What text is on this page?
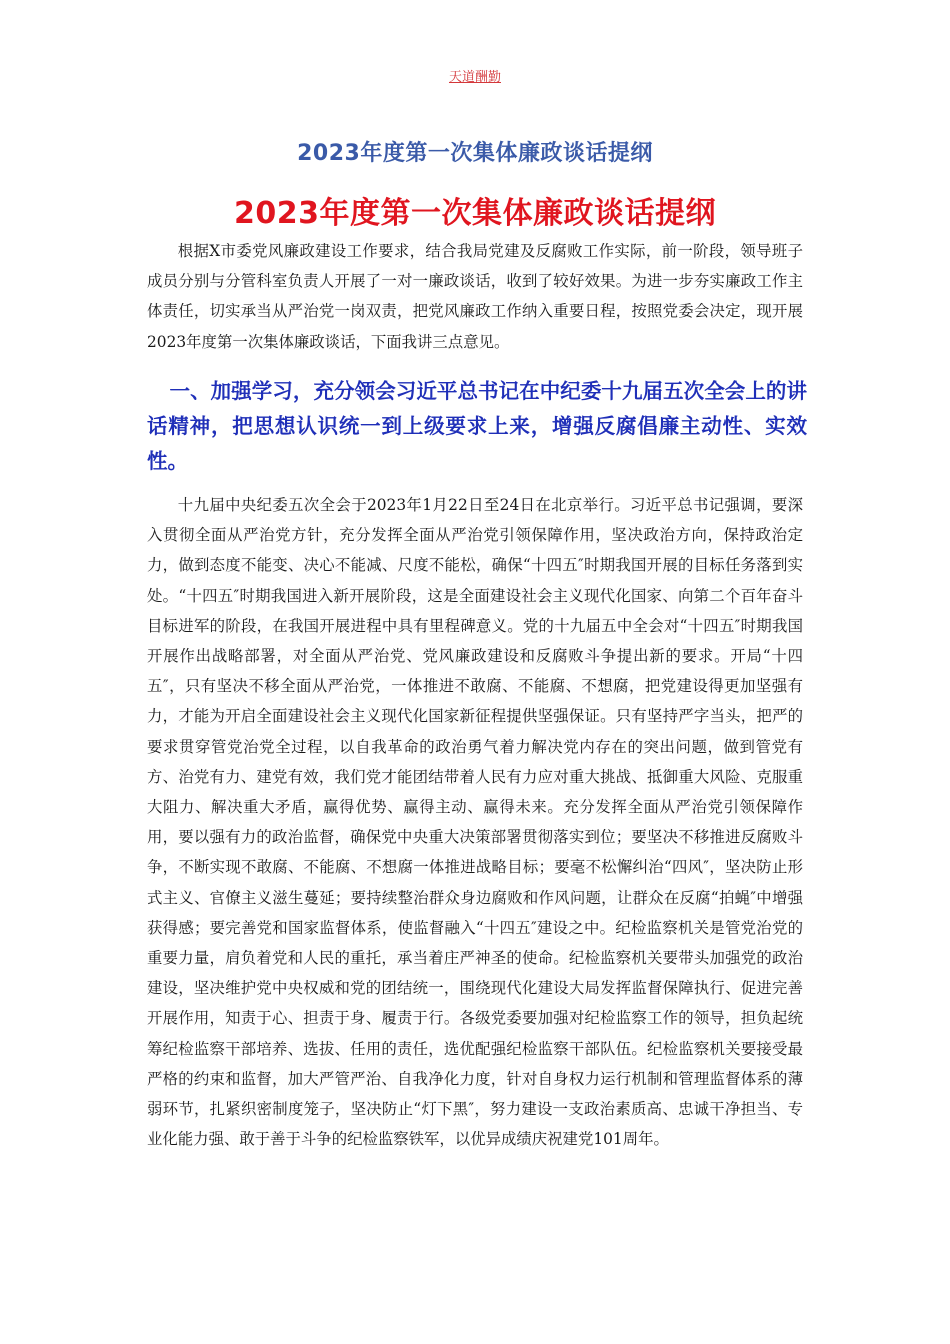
天道酬勤
2023年度第一次集体廉政谈话提纲
2023年度第一次集体廉政谈话提纲

根据X市委党风廉政建设工作要求，结合我局党建及反腐败工作实际，前一阶段，领导班子成员分别与分管科室负责人开展了一对一廉政谈话，收到了较好效果。为进一步夯实廉政工作主体责任，切实承当从严治党一岗双责，把党风廉政工作纳入重要日程，按照党委会决定，现开展2023年度第一次集体廉政谈话，下面我讲三点意见。

一、加强学习，充分领会习近平总书记在中纪委十九届五次全会上的讲话精神，把思想认识统一到上级要求上来，增强反腐倡廉主动性、实效性。

十九届中央纪委五次全会于2023年1月22日至24日在北京举行。习近平总书记强调，要深入贯彻全面从严治党方针，充分发挥全面从严治党引领保障作用，坚决政治方向，保持政治定力，做到态度不能变、决心不能减、尺度不能松，确保“十四五″时期我国开展的目标任务落到实处。“十四五″时期我国进入新开展阶段，这是全面建设社会主义现代化国家、向第二个百年奋斗目标进军的阶段，在我国开展进程中具有里程碑意义。党的十九届五中全会对“十四五″时期我国开展作出战略部署，对全面从严治党、党风廉政建设和反腐败斗争提出新的要求。开局“十四五″，只有坚决不移全面从严治党，一体推进不敢腐、不能腐、不想腐，把党建设得更加坚强有力，才能为开启全面建设社会主义现代化国家新征程提供坚强保证。只有坚持严字当头，把严的要求贯穿管党治党全过程，以自我革命的政治勇气着力解决党内存在的突出问题，做到管党有方、治党有力、建党有效，我们党才能团结带着人民有力应对重大挑战、抵御重大风险、克服重大阻力、解决重大矛盾，赢得优势、赢得主动、赢得未来。充分发挥全面从严治党引领保障作用，要以强有力的政治监督，确保党中央重大决策部署贯彻落实到位；要坚决不移推进反腐败斗争，不断实现不敢腐、不能腐、不想腐一体推进战略目标；要毫不松懈纠治“四风″，坚决防止形式主义、官僚主义滋生蔓延；要持续整治群众身边腐败和作风问题，让群众在反腐“拍蝇″中增强获得感；要完善党和国家监督体系，使监督融入“十四五″建设之中。纪检监察机关是管党治党的重要力量，肩负着党和人民的重托，承当着庄严神圣的使命。纪检监察机关要带头加强党的政治建设，坚决维护党中央权威和党的团结统一，围绕现代化建设大局发挥监督保障执行、促进完善开展作用，知责于心、担责于身、履责于行。各级党委要加强对纪检监察工作的领导，担负起统筹纪检监察干部培养、选拔、任用的责任，选优配强纪检监察干部队伍。纪检监察机关要接受最严格的约束和监督，加大严管严治、自我净化力度，针对自身权力运行机制和管理监督体系的薄弱环节，扎紧织密制度笼子，坚决防止“灯下黑″，努力建设一支政治素质高、忠诚干净担当、专业化能力强、敢于善于斗争的纪检监察铁军，以优异成绩庆祝建党101周年。
